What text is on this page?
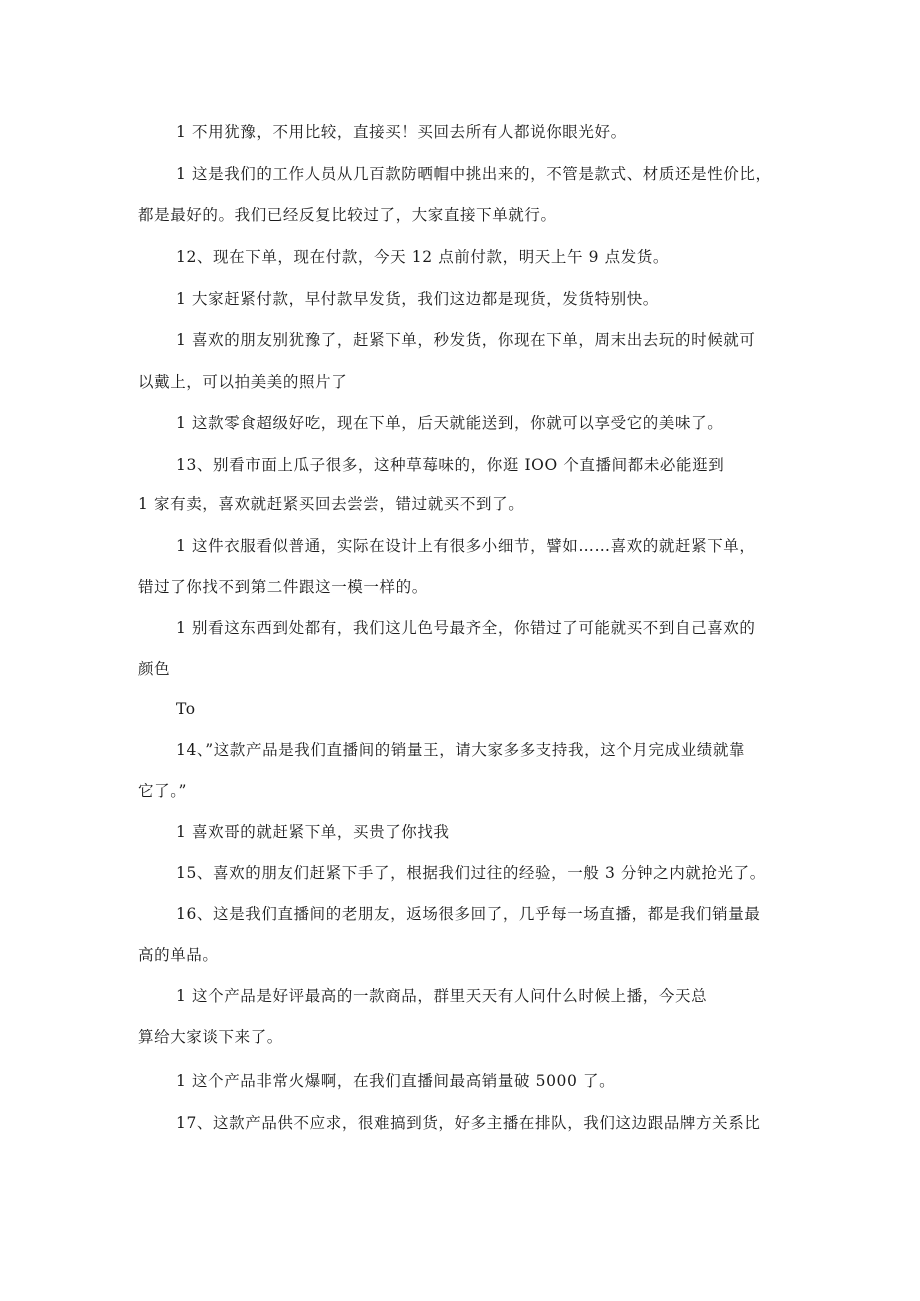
1 不用犹豫，不用比较，直接买！买回去所有人都说你眼光好。
1 这是我们的工作人员从几百款防晒帽中挑出来的，不管是款式、材质还是性价比，
都是最好的。我们已经反复比较过了，大家直接下单就行。
12、现在下单，现在付款，今天 12 点前付款，明天上午 9 点发货。
1 大家赶紧付款，早付款早发货，我们这边都是现货，发货特别快。
1 喜欢的朋友别犹豫了，赶紧下单，秒发货，你现在下单，周末出去玩的时候就可
以戴上，可以拍美美的照片了
1 这款零食超级好吃，现在下单，后天就能送到，你就可以享受它的美味了。
13、别看市面上瓜子很多，这种草莓味的，你逛 IOO 个直播间都未必能逛到
1 家有卖，喜欢就赶紧买回去尝尝，错过就买不到了。
1 这件衣服看似普通，实际在设计上有很多小细节，譬如……喜欢的就赶紧下单，
错过了你找不到第二件跟这一模一样的。
1 别看这东西到处都有，我们这儿色号最齐全，你错过了可能就买不到自己喜欢的
颜色
To
14、”这款产品是我们直播间的销量王，请大家多多支持我，这个月完成业绩就靠
它了。”
1 喜欢哥的就赶紧下单，买贵了你找我
15、喜欢的朋友们赶紧下手了，根据我们过往的经验，一般 3 分钟之内就抢光了。
16、这是我们直播间的老朋友，返场很多回了，几乎每一场直播，都是我们销量最
高的单品。
1 这个产品是好评最高的一款商品，群里天天有人问什么时候上播，今天总
算给大家谈下来了。
1 这个产品非常火爆啊，在我们直播间最高销量破 5000 了。
17、这款产品供不应求，很难搞到货，好多主播在排队，我们这边跟品牌方关系比
